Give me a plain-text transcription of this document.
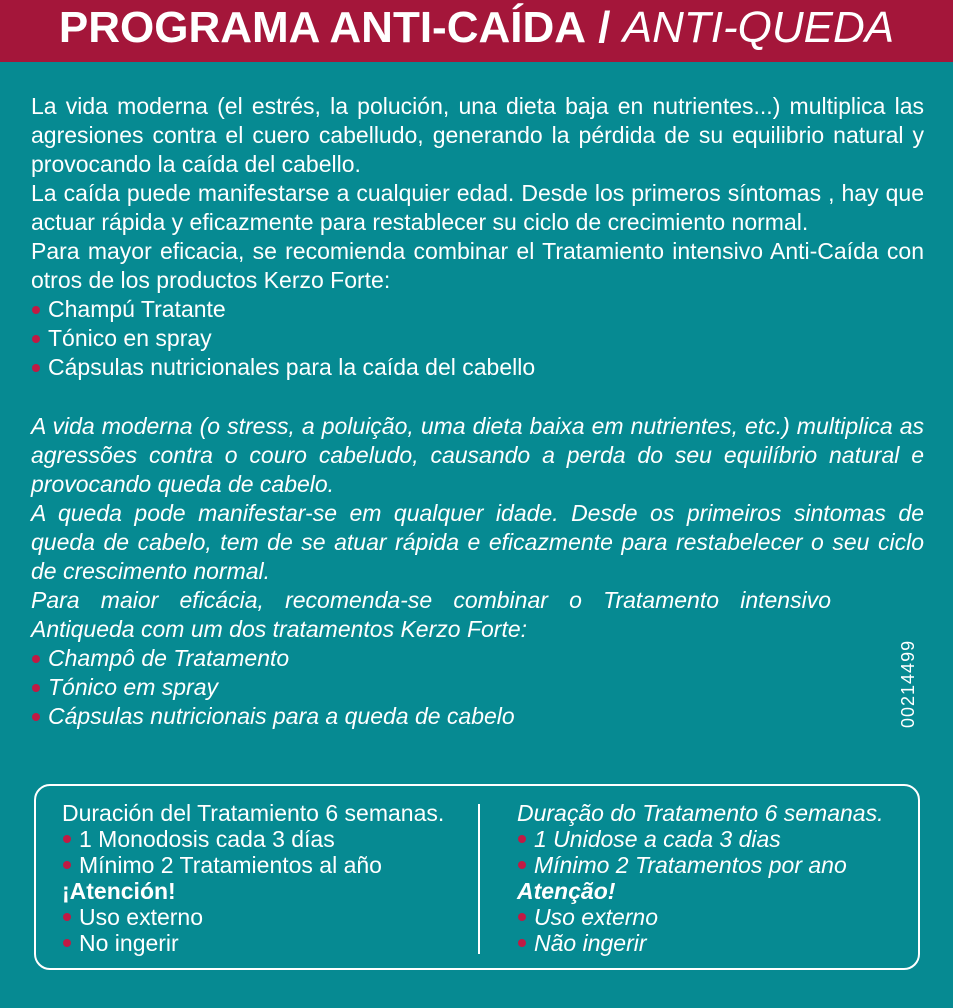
PROGRAMA ANTI-CAÍDA / ANTI-QUEDA

La vida moderna (el estrés, la polución, una dieta baja en nutrientes...) multiplica las agresiones contra el cuero cabelludo, generando la pérdida de su equilibrio natural y provocando la caída del cabello.

La caída puede manifestarse a cualquier edad. Desde los primeros síntomas , hay que actuar rápida y eficazmente para restablecer su ciclo de crecimiento normal.

Para mayor eficacia, se recomienda combinar el Tratamiento intensivo Anti-Caída con otros de los productos Kerzo Forte:

Champú Tratante
Tónico en spray
Cápsulas nutricionales para la caída del cabello

A vida moderna (o stress, a poluição, uma dieta baixa em nutrientes, etc.) multiplica as agressões contra o couro cabeludo, causando a perda do seu equilíbrio natural e provocando queda de cabelo.

A queda pode manifestar-se em qualquer idade. Desde os primeiros sintomas de queda de cabelo, tem de se atuar rápida e eficazmente para restabelecer o seu ciclo de crescimento normal.

Para maior eficácia, recomenda-se combinar o Tratamento intensivo Antiqueda com um dos tratamentos Kerzo Forte:

Champô de Tratamento
Tónico em spray
Cápsulas nutricionais para a queda de cabelo	00214499
Duración del Tratamiento 6 semanas.
1 Monodosis cada 3 días
Mínimo 2 Tratamientos al año
¡Atención!
Uso externo
No ingerir
Duração do Tratamento 6 semanas.
1 Unidose a cada 3 dias
Mínimo 2 Tratamentos por ano
Atenção!
Uso externo
Não ingerir
